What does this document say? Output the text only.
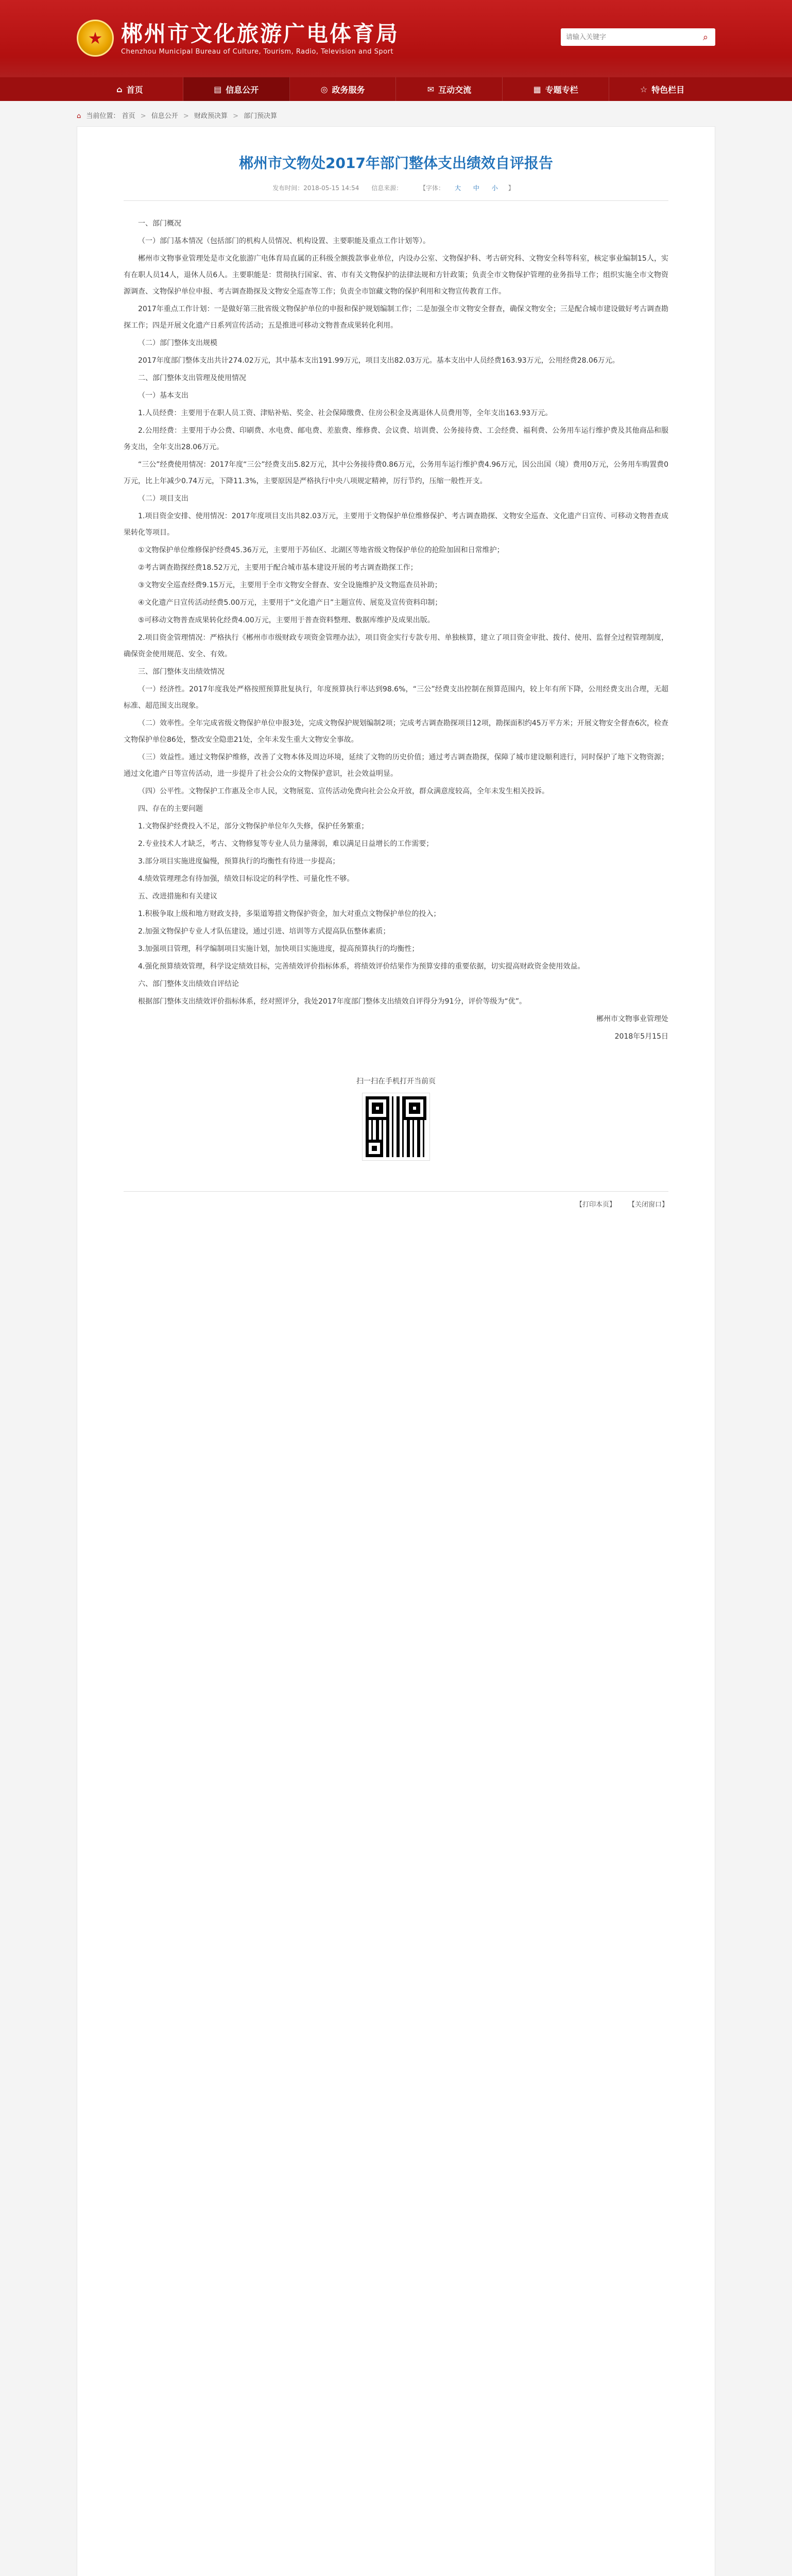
★ 郴州市文化旅游广电体育局
Chenzhou Municipal Bureau of Culture, Tourism, Radio, Television and Sport
请输入关键字
⌕
⌂ 首页	▤ 信息公开	◎ 政务服务	✉ 互动交流	▦ 专题专栏	☆ 特色栏目
⌂ 当前位置： 首页 > 信息公开 > 财政预决算 > 部门预决算
郴州市文物处2017年部门整体支出绩效自评报告
发布时间：2018-05-15 14:54 信息来源：	【字体： 大 中 小 】

一、部门概况

（一）部门基本情况（包括部门的机构人员情况、机构设置、主要职能及重点工作计划等）。

郴州市文物事业管理处是市文化旅游广电体育局直属的正科级全额拨款事业单位，内设办公室、文物保护科、考古研究科、文物安全科等科室，核定事业编制15人，实有在职人员14人，退休人员6人。主要职能是：贯彻执行国家、省、市有关文物保护的法律法规和方针政策；负责全市文物保护管理的业务指导工作；组织实施全市文物资源调查、文物保护单位申报、考古调查勘探及文物安全巡查等工作；负责全市馆藏文物的保护利用和文物宣传教育工作。

2017年重点工作计划：一是做好第三批省级文物保护单位的申报和保护规划编制工作；二是加强全市文物安全督查，确保文物安全；三是配合城市建设做好考古调查勘探工作；四是开展文化遗产日系列宣传活动；五是推进可移动文物普查成果转化利用。

（二）部门整体支出规模

2017年度部门整体支出共计274.02万元，其中基本支出191.99万元，项目支出82.03万元。基本支出中人员经费163.93万元，公用经费28.06万元。

二、部门整体支出管理及使用情况

（一）基本支出

1.人员经费：主要用于在职人员工资、津贴补贴、奖金、社会保障缴费、住房公积金及离退休人员费用等，全年支出163.93万元。

2.公用经费：主要用于办公费、印刷费、水电费、邮电费、差旅费、维修费、会议费、培训费、公务接待费、工会经费、福利费、公务用车运行维护费及其他商品和服务支出，全年支出28.06万元。

“三公”经费使用情况：2017年度“三公”经费支出5.82万元，其中公务接待费0.86万元，公务用车运行维护费4.96万元，因公出国（境）费用0万元，公务用车购置费0万元，比上年减少0.74万元，下降11.3%，主要原因是严格执行中央八项规定精神，厉行节约，压缩一般性开支。

（二）项目支出

1.项目资金安排、使用情况：2017年度项目支出共82.03万元，主要用于文物保护单位维修保护、考古调查勘探、文物安全巡查、文化遗产日宣传、可移动文物普查成果转化等项目。

①文物保护单位维修保护经费45.36万元，主要用于苏仙区、北湖区等地省级文物保护单位的抢险加固和日常维护；

②考古调查勘探经费18.52万元，主要用于配合城市基本建设开展的考古调查勘探工作；

③文物安全巡查经费9.15万元，主要用于全市文物安全督查、安全设施维护及文物巡查员补助；

④文化遗产日宣传活动经费5.00万元，主要用于“文化遗产日”主题宣传、展览及宣传资料印制；

⑤可移动文物普查成果转化经费4.00万元，主要用于普查资料整理、数据库维护及成果出版。

2.项目资金管理情况：严格执行《郴州市市级财政专项资金管理办法》，项目资金实行专款专用、单独核算，建立了项目资金审批、拨付、使用、监督全过程管理制度，确保资金使用规范、安全、有效。

三、部门整体支出绩效情况

（一）经济性。2017年度我处严格按照预算批复执行，年度预算执行率达到98.6%，“三公”经费支出控制在预算范围内，较上年有所下降，公用经费支出合理，无超标准、超范围支出现象。

（二）效率性。全年完成省级文物保护单位申报3处，完成文物保护规划编制2项；完成考古调查勘探项目12项，勘探面积约45万平方米；开展文物安全督查6次，检查文物保护单位86处，整改安全隐患21处，全年未发生重大文物安全事故。

（三）效益性。通过文物保护维修，改善了文物本体及周边环境，延续了文物的历史价值；通过考古调查勘探，保障了城市建设顺利进行，同时保护了地下文物资源；通过文化遗产日等宣传活动，进一步提升了社会公众的文物保护意识，社会效益明显。

（四）公平性。文物保护工作惠及全市人民，文物展览、宣传活动免费向社会公众开放，群众满意度较高，全年未发生相关投诉。

四、存在的主要问题

1.文物保护经费投入不足，部分文物保护单位年久失修，保护任务繁重；

2.专业技术人才缺乏，考古、文物修复等专业人员力量薄弱，难以满足日益增长的工作需要；

3.部分项目实施进度偏慢，预算执行的均衡性有待进一步提高；

4.绩效管理理念有待加强，绩效目标设定的科学性、可量化性不够。

五、改进措施和有关建议

1.积极争取上级和地方财政支持，多渠道筹措文物保护资金，加大对重点文物保护单位的投入；

2.加强文物保护专业人才队伍建设，通过引进、培训等方式提高队伍整体素质；

3.加强项目管理，科学编制项目实施计划，加快项目实施进度，提高预算执行的均衡性；

4.强化预算绩效管理，科学设定绩效目标，完善绩效评价指标体系，将绩效评价结果作为预算安排的重要依据，切实提高财政资金使用效益。

六、部门整体支出绩效自评结论

根据部门整体支出绩效评价指标体系，经对照评分，我处2017年度部门整体支出绩效自评得分为91分，评价等级为“优”。

郴州市文物事业管理处

2018年5月15日

扫一扫在手机打开当前页
【打印本页】 【关闭窗口】
